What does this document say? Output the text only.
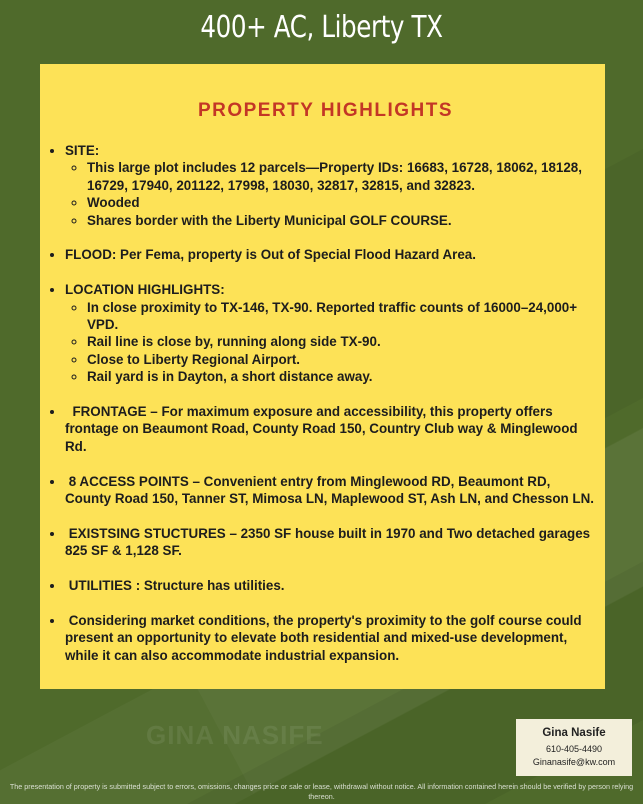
400+ AC, Liberty TX
PROPERTY HIGHLIGHTS
• SITE:
◦ This large plot includes 12 parcels—Property IDs: 16683, 16728, 18062, 18128, 16729, 17940, 201122, 17998, 18030, 32817, 32815, and 32823.
◦ Wooded
◦ Shares border with the Liberty Municipal GOLF COURSE.
• FLOOD: Per Fema, property is Out of Special Flood Hazard Area.
• LOCATION HIGHLIGHTS:
◦ In close proximity to TX-146, TX-90. Reported traffic counts of 16000–24,000+ VPD.
◦ Rail line is close by, running along side TX-90.
◦ Close to Liberty Regional Airport.
◦ Rail yard is in Dayton, a short distance away.
• FRONTAGE – For maximum exposure and accessibility, this property offers frontage on Beaumont Road, County Road 150, Country Club way & Minglewood Rd.
• 8 ACCESS POINTS – Convenient entry from Minglewood RD, Beaumont RD, County Road 150, Tanner ST, Mimosa LN, Maplewood ST, Ash LN, and Chesson LN.
• EXISTSING STUCTURES – 2350 SF house built in 1970 and Two detached garages 825 SF & 1,128 SF.
• UTILITIES : Structure has utilities.
• Considering market conditions, the property's proximity to the golf course could present an opportunity to elevate both residential and mixed-use development, while it can also accommodate industrial expansion.
GINA NASIFE	Gina Nasife
610-405-4490
Ginanasife@kw.com
The presentation of property is submitted subject to errors, omissions, changes price or sale or lease, withdrawal without notice. All information contained herein should be verified by person relying thereon.
